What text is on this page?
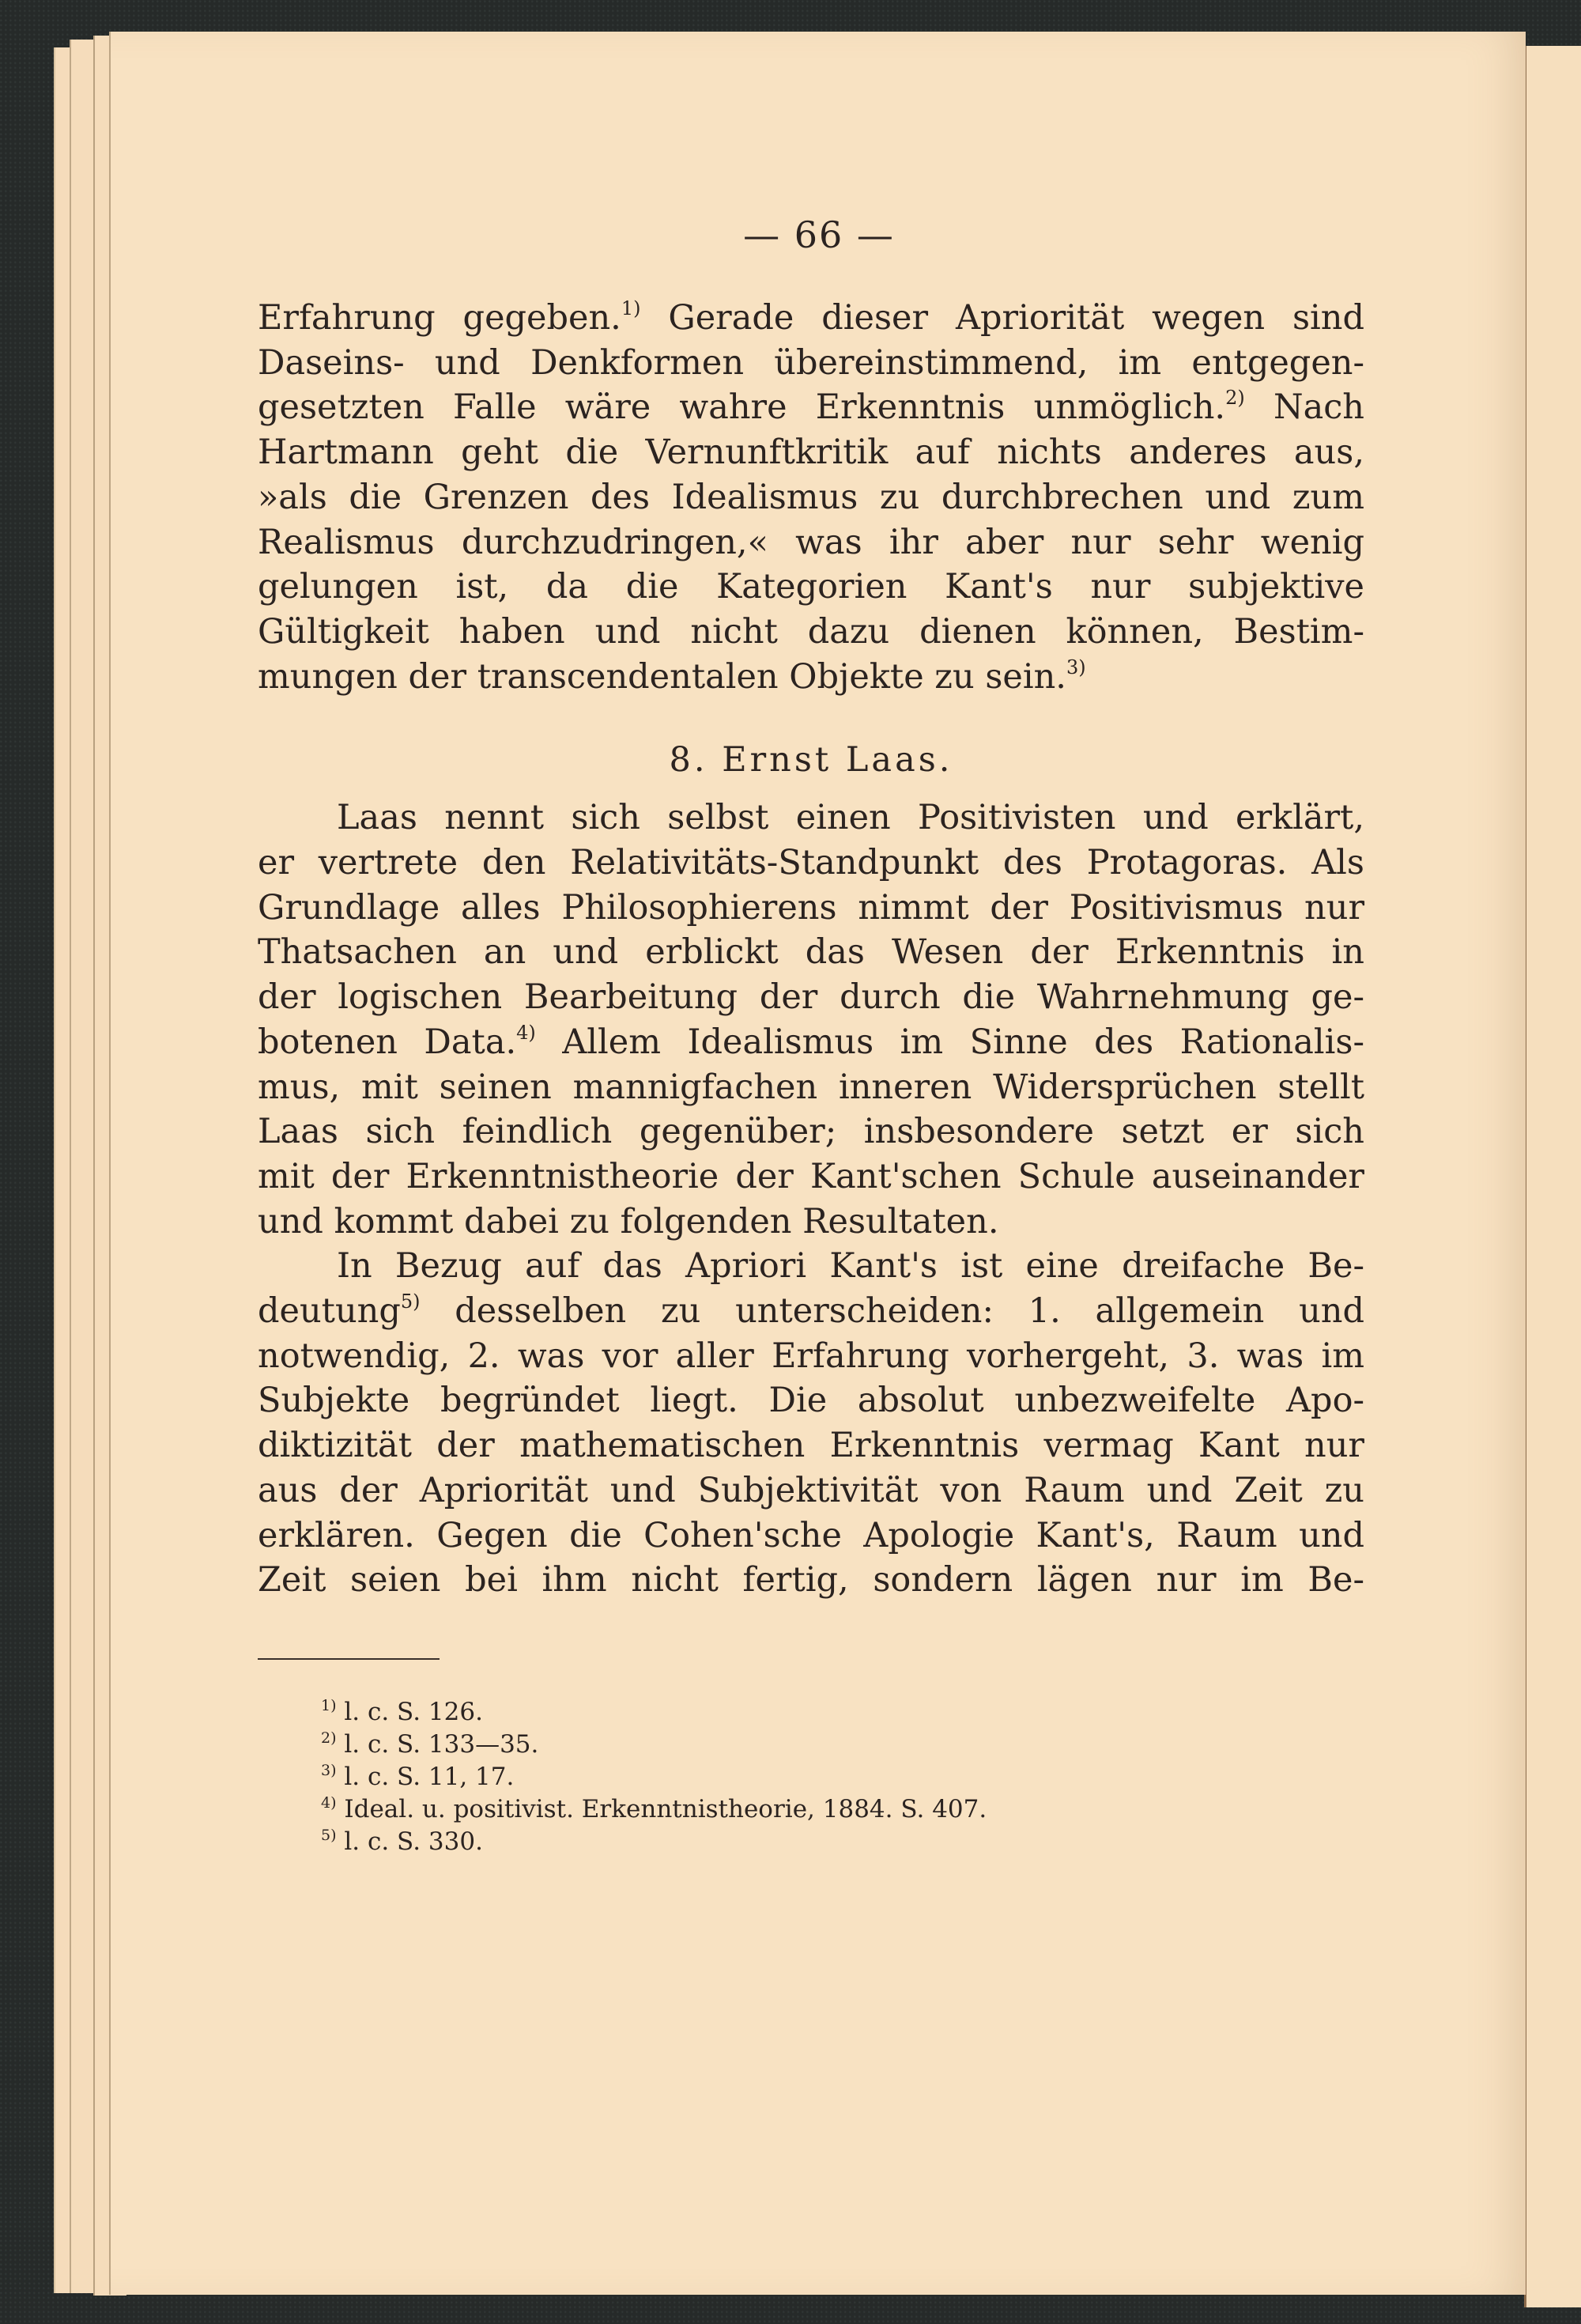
— 66 —
Erfahrung gegeben.$^{1)}$ Gerade dieser Apriorität wegen sind
Daseins- und Denkformen übereinstimmend, im entgegen-
gesetzten Falle wäre wahre Erkenntnis unmöglich.$^{2)}$ Nach
Hartmann geht die Vernunftkritik auf nichts anderes aus,
»als die Grenzen des Idealismus zu durchbrechen und zum
Realismus durchzudringen,« was ihr aber nur sehr wenig
gelungen ist, da die Kategorien Kant's nur subjektive
Gültigkeit haben und nicht dazu dienen können, Bestim-
mungen der transcendentalen Objekte zu sein.$^{3)}$
8. Ernst Laas.
Laas nennt sich selbst einen Positivisten und erklärt,
er vertrete den Relativitäts-Standpunkt des Protagoras. Als
Grundlage alles Philosophierens nimmt der Positivismus nur
Thatsachen an und erblickt das Wesen der Erkenntnis in
der logischen Bearbeitung der durch die Wahrnehmung ge-
botenen Data.$^{4)}$ Allem Idealismus im Sinne des Rationalis-
mus, mit seinen mannigfachen inneren Widersprüchen stellt
Laas sich feindlich gegenüber; insbesondere setzt er sich
mit der Erkenntnistheorie der Kant'schen Schule auseinander
und kommt dabei zu folgenden Resultaten.
In Bezug auf das Apriori Kant's ist eine dreifache Be-
deutung$^{5)}$ desselben zu unterscheiden: 1. allgemein und
notwendig, 2. was vor aller Erfahrung vorhergeht, 3. was im
Subjekte begründet liegt. Die absolut unbezweifelte Apo-
diktizität der mathematischen Erkenntnis vermag Kant nur
aus der Apriorität und Subjektivität von Raum und Zeit zu
erklären. Gegen die Cohen'sche Apologie Kant's, Raum und
Zeit seien bei ihm nicht fertig, sondern lägen nur im Be-
$^{1)}$ l. c. S. 126.
$^{2)}$ l. c. S. 133—35.
$^{3)}$ l. c. S. 11, 17.
$^{4)}$ Ideal. u. positivist. Erkenntnistheorie, 1884. S. 407.
$^{5)}$ l. c. S. 330.
